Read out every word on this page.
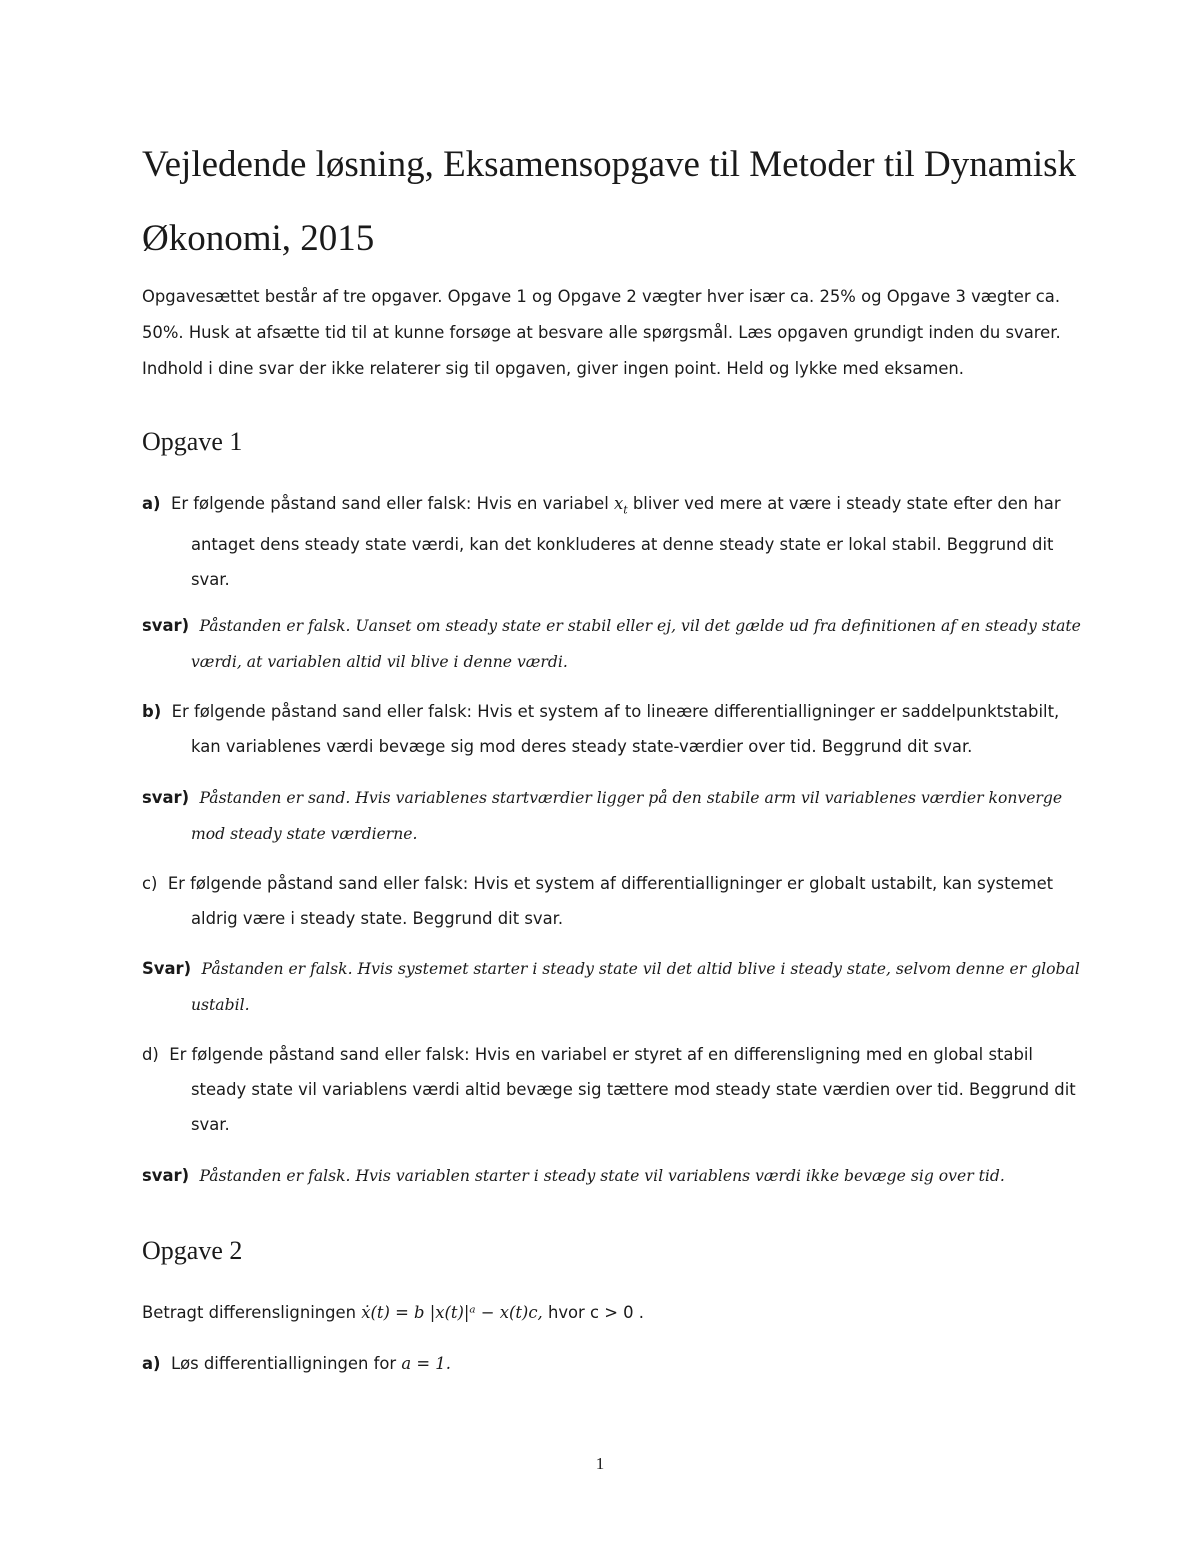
Vejledende løsning, Eksamensopgave til Metoder til Dynamisk Økonomi, 2015

Opgavesættet består af tre opgaver. Opgave 1 og Opgave 2 vægter hver især ca. 25% og Opgave 3 vægter ca. 50%. Husk at afsætte tid til at kunne forsøge at besvare alle spørgsmål. Læs opgaven grundigt inden du svarer. Indhold i dine svar der ikke relaterer sig til opgaven, giver ingen point. Held og lykke med eksamen.

Opgave 1

a) Er følgende påstand sand eller falsk: Hvis en variabel $x_t$ bliver ved mere at være i steady state efter den har antaget dens steady state værdi, kan det konkluderes at denne steady state er lokal stabil. Beggrund dit svar.

svar) Påstanden er falsk. Uanset om steady state er stabil eller ej, vil det gælde ud fra definitionen af en steady state værdi, at variablen altid vil blive i denne værdi.

b) Er følgende påstand sand eller falsk: Hvis et system af to lineære differentialligninger er saddelpunktstabilt, kan variablenes værdi bevæge sig mod deres steady state-værdier over tid. Beggrund dit svar.

svar) Påstanden er sand. Hvis variablenes startværdier ligger på den stabile arm vil variablenes værdier konverge mod steady state værdierne.

c) Er følgende påstand sand eller falsk: Hvis et system af differentialligninger er globalt ustabilt, kan systemet aldrig være i steady state. Beggrund dit svar.

Svar) Påstanden er falsk. Hvis systemet starter i steady state vil det altid blive i steady state, selvom denne er global ustabil.

d) Er følgende påstand sand eller falsk: Hvis en variabel er styret af en differensligning med en global stabil steady state vil variablens værdi altid bevæge sig tættere mod steady state værdien over tid. Beggrund dit svar.

svar) Påstanden er falsk. Hvis variablen starter i steady state vil variablens værdi ikke bevæge sig over tid.

Opgave 2

Betragt differensligningen ẋ(t) = b |x(t)|ᵃ − x(t)c, hvor c > 0 .

a) Løs differentialligningen for a = 1.

1
